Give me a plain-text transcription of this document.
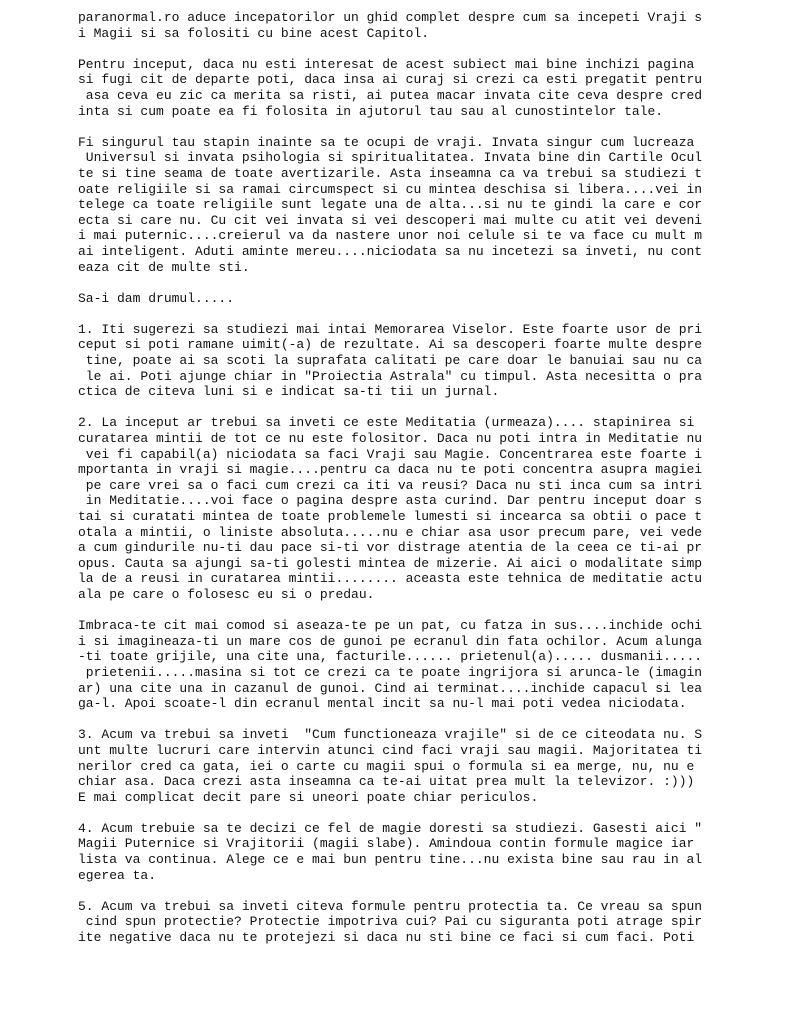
paranormal.ro aduce incepatorilor un ghid complet despre cum sa incepeti Vraji s
i Magii si sa folositi cu bine acest Capitol.
Pentru inceput, daca nu esti interesat de acest subiect mai bine inchizi pagina
si fugi cit de departe poti, daca insa ai curaj si crezi ca esti pregatit pentru
asa ceva eu zic ca merita sa risti, ai putea macar invata cite ceva despre cred
inta si cum poate ea fi folosita in ajutorul tau sau al cunostintelor tale.
Fi singurul tau stapin inainte sa te ocupi de vraji. Invata singur cum lucreaza
Universul si invata psihologia si spiritualitatea. Invata bine din Cartile Ocul
te si tine seama de toate avertizarile. Asta inseamna ca va trebui sa studiezi t
oate religiile si sa ramai circumspect si cu mintea deschisa si libera....vei in
telege ca toate religiile sunt legate una de alta...si nu te gindi la care e cor
ecta si care nu. Cu cit vei invata si vei descoperi mai multe cu atit vei deveni
i mai puternic....creierul va da nastere unor noi celule si te va face cu mult m
ai inteligent. Aduti aminte mereu....niciodata sa nu incetezi sa inveti, nu cont
eaza cit de multe sti.
Sa-i dam drumul.....
1. Iti sugerezi sa studiezi mai intai Memorarea Viselor. Este foarte usor de pri
ceput si poti ramane uimit(-a) de rezultate. Ai sa descoperi foarte multe despre
tine, poate ai sa scoti la suprafata calitati pe care doar le banuiai sau nu ca
le ai. Poti ajunge chiar in "Proiectia Astrala" cu timpul. Asta necesitta o pra
ctica de citeva luni si e indicat sa-ti tii un jurnal.
2. La inceput ar trebui sa inveti ce este Meditatia (urmeaza).... stapinirea si
curatarea mintii de tot ce nu este folositor. Daca nu poti intra in Meditatie nu
vei fi capabil(a) niciodata sa faci Vraji sau Magie. Concentrarea este foarte i
mportanta in vraji si magie....pentru ca daca nu te poti concentra asupra magiei
pe care vrei sa o faci cum crezi ca iti va reusi? Daca nu sti inca cum sa intri
in Meditatie....voi face o pagina despre asta curind. Dar pentru inceput doar s
tai si curatati mintea de toate problemele lumesti si incearca sa obtii o pace t
otala a mintii, o liniste absoluta.....nu e chiar asa usor precum pare, vei vede
a cum gindurile nu-ti dau pace si-ti vor distrage atentia de la ceea ce ti-ai pr
opus. Cauta sa ajungi sa-ti golesti mintea de mizerie. Ai aici o modalitate simp
la de a reusi in curatarea mintii........ aceasta este tehnica de meditatie actu
ala pe care o folosesc eu si o predau.
Imbraca-te cit mai comod si aseaza-te pe un pat, cu fatza in sus....inchide ochi
i si imagineaza-ti un mare cos de gunoi pe ecranul din fata ochilor. Acum alunga
-ti toate grijile, una cite una, facturile...... prietenul(a)..... dusmanii.....
prietenii.....masina si tot ce crezi ca te poate ingrijora si arunca-le (imagin
ar) una cite una in cazanul de gunoi. Cind ai terminat....inchide capacul si lea
ga-l. Apoi scoate-l din ecranul mental incit sa nu-l mai poti vedea niciodata.
3. Acum va trebui sa inveti  "Cum functioneaza vrajile" si de ce citeodata nu. S
unt multe lucruri care intervin atunci cind faci vraji sau magii. Majoritatea ti
nerilor cred ca gata, iei o carte cu magii spui o formula si ea merge, nu, nu e
chiar asa. Daca crezi asta inseamna ca te-ai uitat prea mult la televizor. :)))
E mai complicat decit pare si uneori poate chiar periculos.
4. Acum trebuie sa te decizi ce fel de magie doresti sa studiezi. Gasesti aici "
Magii Puternice si Vrajitorii (magii slabe). Amindoua contin formule magice iar
lista va continua. Alege ce e mai bun pentru tine...nu exista bine sau rau in al
egerea ta.
5. Acum va trebui sa inveti citeva formule pentru protectia ta. Ce vreau sa spun
cind spun protectie? Protectie impotriva cui? Pai cu siguranta poti atrage spir
ite negative daca nu te protejezi si daca nu sti bine ce faci si cum faci. Poti
